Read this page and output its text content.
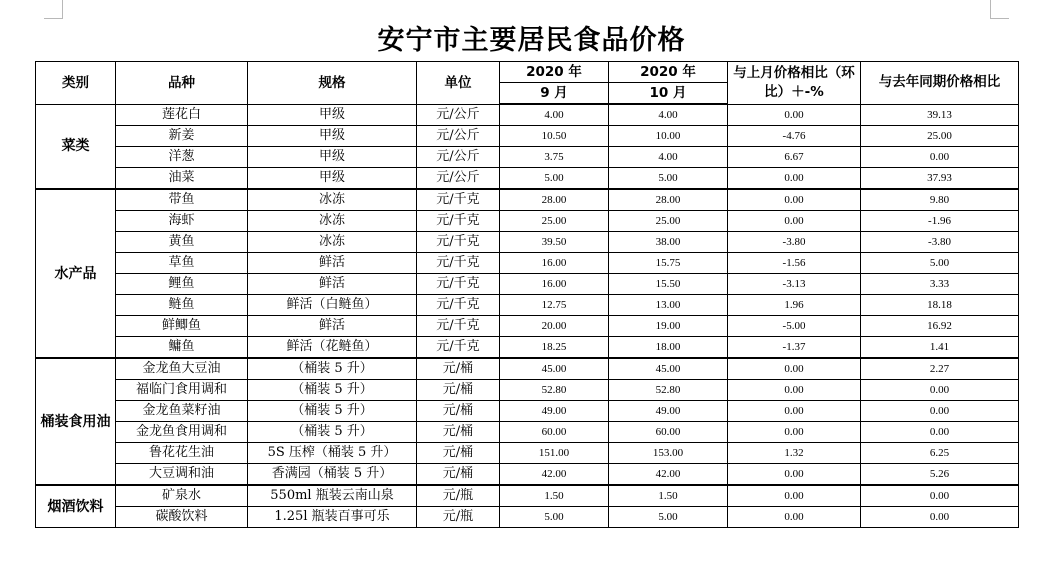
安宁市主要居民食品价格
类别	品种	规格	单位	2020 年	2020 年	与上月价格相比（环比）＋-%	与去年同期价格相比
				9 月	10 月		
菜类	莲花白	甲级	元/公斤	4.00	4.00	0.00	39.13
	新姜	甲级	元/公斤	10.50	10.00	-4.76	25.00
	洋葱	甲级	元/公斤	3.75	4.00	6.67	0.00
	油菜	甲级	元/公斤	5.00	5.00	0.00	37.93
水产品	带鱼	冰冻	元/千克	28.00	28.00	0.00	9.80
	海虾	冰冻	元/千克	25.00	25.00	0.00	-1.96
	黄鱼	冰冻	元/千克	39.50	38.00	-3.80	-3.80
	草鱼	鲜活	元/千克	16.00	15.75	-1.56	5.00
	鲤鱼	鲜活	元/千克	16.00	15.50	-3.13	3.33
	鲢鱼	鲜活（白鲢鱼）	元/千克	12.75	13.00	1.96	18.18
	鲜鲫鱼	鲜活	元/千克	20.00	19.00	-5.00	16.92
	鳙鱼	鲜活（花鲢鱼）	元/千克	18.25	18.00	-1.37	1.41
桶装食用油	金龙鱼大豆油	（桶装 5 升）	元/桶	45.00	45.00	0.00	2.27
	福临门食用调和	（桶装 5 升）	元/桶	52.80	52.80	0.00	0.00
	金龙鱼菜籽油	（桶装 5 升）	元/桶	49.00	49.00	0.00	0.00
	金龙鱼食用调和	（桶装 5 升）	元/桶	60.00	60.00	0.00	0.00
	鲁花花生油	5S 压榨（桶装 5 升）	元/桶	151.00	153.00	1.32	6.25
	大豆调和油	香满园（桶装 5 升）	元/桶	42.00	42.00	0.00	5.26
烟酒饮料	矿泉水	550ml 瓶装云南山泉	元/瓶	1.50	1.50	0.00	0.00
	碳酸饮料	1.25l 瓶装百事可乐	元/瓶	5.00	5.00	0.00	0.00
